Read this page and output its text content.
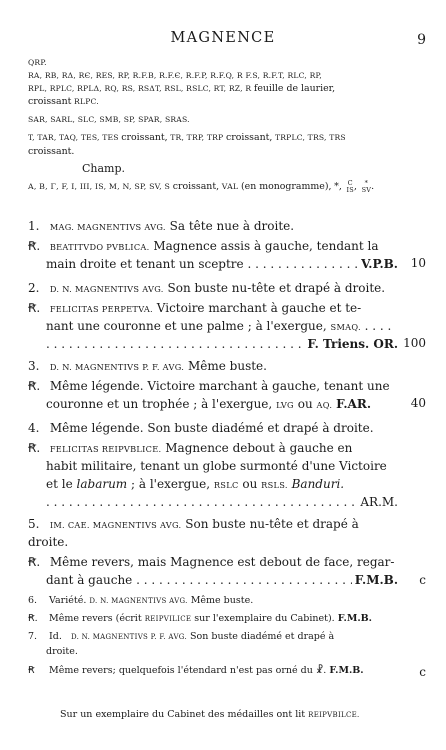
MAGNENCE	9
QRP.
RA, RB, RΔ, RЄ, RES, RP, R.F.B, R.F.Є, R.F.P, R.F.Q, R F.S, R.F.T, RLC, RP,
RPL, RPLC, RPLΔ, RQ, RS, RSΔT, RSL, RSLC, RT, RZ, R feuille de laurier,
croissant RLPC.
SAR, SARL, SLC, SMB, SP, SPAR, SRAS.
T, TAR, TAQ, TES, TES croissant, TR, TRP, TRP croissant, TRPLC, TRS, TRS
croissant.
Champ.
A, B, Γ, F, I, III, IS, M, N, SP, SV, S croissant, VAL (en monogramme), *, C
IS, *
SV.
1. MAG. MAGNENTIVS AVG. Sa tête nue à droite.
Ꞧ. BEATITVDO PVBLICA. Magnence assis à gauche, tendant la
main droite et tenant un sceptre . . .	V.P.B. 10
2. D. N. MAGNENTIVS AVG. Son buste nu-tête et drapé à droite.
Ꞧ. FELICITAS PERPETVA. Victoire marchant à gauche et te-
nant une couronne et une palme ; à l'exergue, SMAQ. . . . .
. . .
F. Triens. OR. 100
3. D. N. MAGNENTIVS P. F. AVG. Même buste.
Ꞧ. Même légende. Victoire marchant à gauche, tenant une
couronne et un trophée ; à l'exergue, LVG ou AQ. F.AR.	40
4. Même légende. Son buste diadémé et drapé à droite.
Ꞧ. FELICITAS REIPVBLICE. Magnence debout à gauche en
habit militaire, tenant un globe surmonté d'une Victoire
et le labarum ; à l'exergue, RSLC ou RSLS. Banduri.
. . .
AR.M.
5. IM. CAE. MAGNENTIVS AVG. Son buste nu-tête et drapé à
droite.
Ꞧ. Même revers, mais Magnence est debout de face, regar-
dant à gauche . . .	F.M.B. c
6. Variété. D. N. MAGNENTIVS AVG. Même buste.
Ꞧ. Même revers (écrit REIPVILICE sur l'exemplaire du Cabinet). F.M.B.
7. Id. D. N. MAGNENTIVS P. F. AVG. Son buste diadémé et drapé à
droite.
Ꞧ Même revers; quelquefois l'étendard n'est pas orné du ☧. F.M.B.	c
Sur un exemplaire du Cabinet des médailles ont lit REIPVBILCE.
